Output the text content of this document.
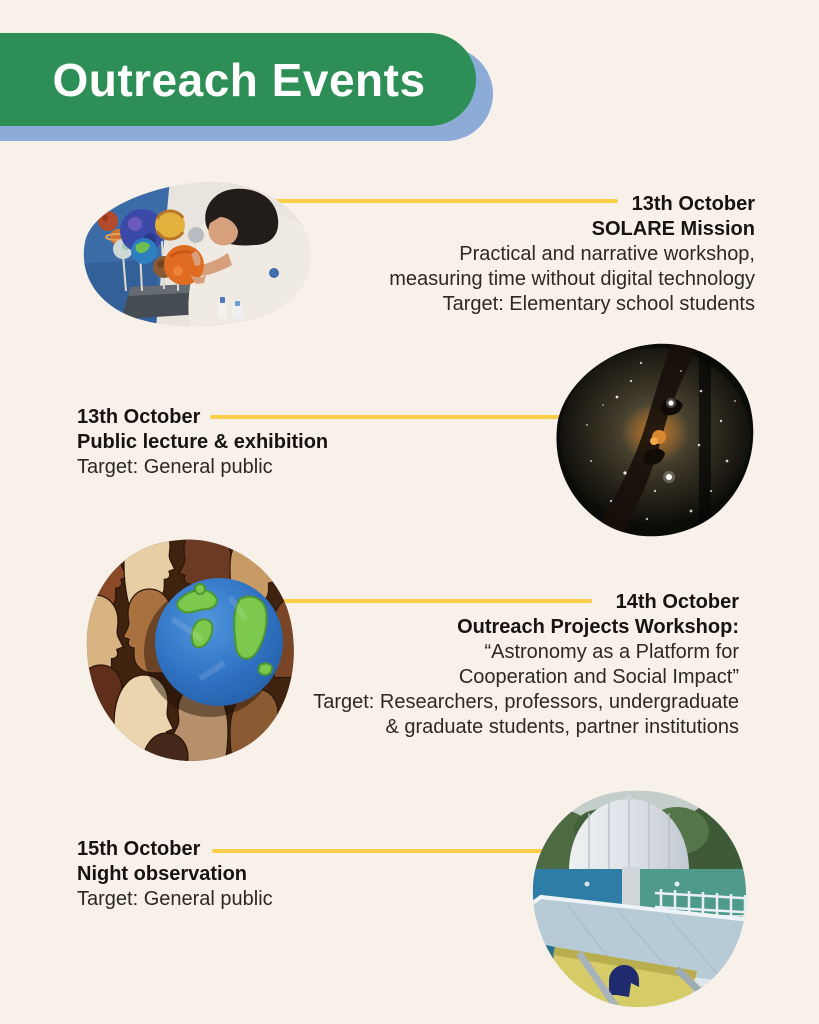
Outreach Events
13th October
SOLARE Mission
Practical and narrative workshop,
measuring time without digital technology
Target: Elementary school students
13th October
Public lecture & exhibition
Target: General public
14th October
Outreach Projects Workshop:
“Astronomy as a Platform for
Cooperation and Social Impact”
Target: Researchers, professors, undergraduate
& graduate students, partner institutions
15th October
Night observation
Target: General public
